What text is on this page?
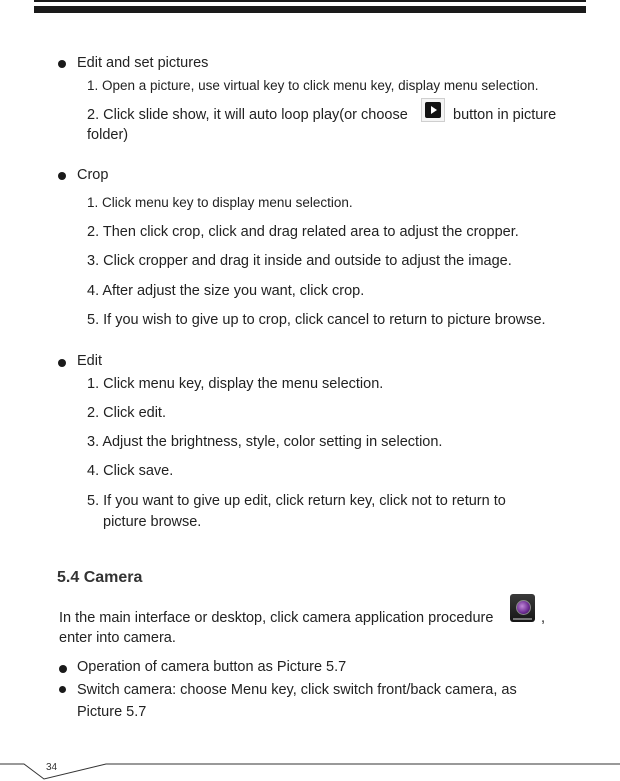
Edit and set pictures
1. Open a picture, use virtual key to click menu key, display menu selection.
2. Click slide show, it will auto loop play(or choose	button in picture
folder)
Crop
1. Click menu key to display menu selection.
2. Then click crop, click and drag related area to adjust the cropper.
3. Click cropper and drag it inside and outside to adjust the image.
4. After adjust the size you want, click crop.
5. If you wish to give up to crop, click cancel to return to picture browse.
Edit
1. Click menu key, display the menu selection.
2. Click edit.
3. Adjust the brightness, style, color setting in selection.
4. Click save.
5. If you want to give up edit, click return key, click not to return to
picture browse.
5.4 Camera
In the main interface or desktop, click camera application procedure	,
enter into camera.
Operation of camera button as Picture 5.7
Switch camera: choose Menu key, click switch front/back camera, as
Picture 5.7
34
